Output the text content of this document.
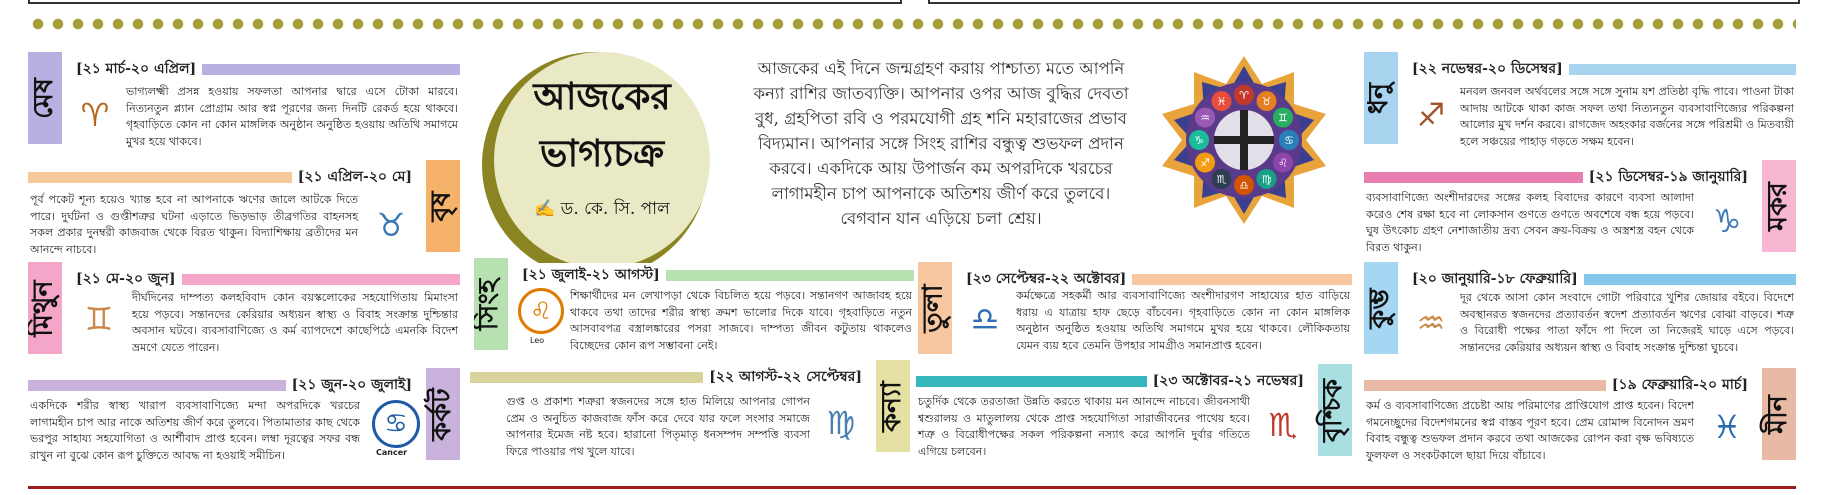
মেষ
[২১ মার্চ-২০ এপ্রিল]
♈
ভাগ্যলক্ষ্মী প্রসন্ন হওয়ায় সফলতা আপনার দ্বারে এসে টোকা মারবে। নিত্যনতুন প্ল্যান প্রোগ্রাম আর স্বপ্ন পূরণের জন্য দিনটি রেকর্ড হয়ে থাকবে। গৃহবাড়িতে কোন না কোন মাঙ্গলিক অনুষ্ঠান অনুষ্ঠিত হওয়ায় অতিথি সমাগমে মুখর হয়ে থাকবে।
বৃষ
[২১ এপ্রিল-২০ মে]
♉
পূর্ব পকেট শূন্য হয়েও খ্যান্ত হবে না আপনাকে ঋণের জালে আটকে দিতে পারে। দুর্ঘটনা ও গুপ্তীশত্রুর ঘটনা এড়াতে ভিড়ভাড় তীব্রগতির বাহনসহ সকল প্রকার দুনম্বরী কাজবাজ থেকে বিরত থাকুন। বিদ্যাশিক্ষায় ব্রতীদের মন আনন্দে নাচবে।
মিথুন
[২১ মে-২০ জুন]
♊
দীর্ঘদিনের দাম্পত্য কলহবিবাদ কোন বয়স্কলোকের সহযোগিতায় মিমাংসা হয়ে পড়বে। সন্তানদের কেরিয়ার অধ্যয়ন স্বাস্থ্য ও বিবাহ সংক্রান্ত দুশ্চিন্তার অবসান ঘটবে। ব্যবসাবাণিজ্যে ও কর্ম ব্যাপদেশে কাছেপিঠে এমনকি বিদেশ ভ্রমণে যেতে পারেন।
কর্কট
[২১ জুন-২০ জুলাই]
♋
Cancer
একদিকে শরীর স্বাস্থ্য খারাপ ব্যবসাবাণিজ্যে মন্দা অপরদিকে খরচের লাগামহীন চাপ আর নাকে অতিশয় জীর্ণ করে তুলবে। পিতামাতার কাছ থেকে ভরপুর সাহায্য সহযোগিতা ও আর্শীবাদ প্রাপ্ত হবেন। লম্বা দূরত্বের সফর বন্ধ রাখুন না বুঝে কোন রূপ চুক্তিতে আবদ্ধ না হওয়াই সমীচিন।
আজকের
ভাগ্যচক্র
✍ ড. কে. সি. পাল
আজকের এই দিনে জন্মগ্রহণ করায় পাশ্চাত্য মতে আপনি কন্যা রাশির জাতব্যক্তি। আপনার ওপর আজ বুদ্ধির দেবতা বুধ, গ্রহপিতা রবি ও পরমযোগী গ্রহ শনি মহারাজের প্রভাব বিদ্যমান। আপনার সঙ্গে সিংহ রাশির বন্ধুত্ব শুভফল প্রদান করবে। একদিকে আয় উপার্জন কম অপরদিকে খরচের লাগামহীন চাপ আপনাকে অতিশয় জীর্ণ করে তুলবে। বেগবান যান এড়িয়ে চলা শ্রেয়।
♈ ♉
♊
♋
♌
♍
♎
♏
♐
♑
♒
♓
সিংহ
[২১ জুলাই-২১ আগস্ট]
♌
Leo
শিক্ষার্থীদের মন লেখাপড়া থেকে বিচলিত হয়ে পড়বে। সন্তানগণ আজাবহ হয়ে থাকবে তথা তাদের শরীর স্বাস্থ্য ক্রমশ ভালোর দিকে যাবে। গৃহবাড়িতে নতুন আসবাবপত্র বস্ত্রালঙ্কারের পসরা সাজবে। দাম্পত্য জীবন কটুতায় থাকলেও বিচ্ছেদের কোন রূপ সম্ভাবনা নেই।
তুলা
[২৩ সেপ্টেম্বর-২২ অক্টোবর]
♎
কর্মক্ষেত্রে সহকর্মী আর ব্যবসাবাণিজ্যে অংশীদারগণ সাহায্যের হাত বাড়িয়ে ধরায় এ যাত্রায় হাফ ছেড়ে বাঁচবেন। গৃহবাড়িতে কোন না কোন মাঙ্গলিক অনুষ্ঠান অনুষ্ঠিত হওয়ায় অতিথি সমাগমে মুখর হয়ে থাকবে। লৌকিকতায় যেমন ব্যয় হবে তেমনি উপহার সামগ্রীও সমানপ্রাপ্ত হবেন।
কন্যা
[২২ আগস্ট-২২ সেপ্টেম্বর]
♍
গুপ্ত ও প্রকাশ্য শত্রুরা স্বজনদের সঙ্গে হাত মিলিয়ে আপনার গোপন প্রেম ও অনুচিত কাজবাজ ফাঁস করে দেবে যার ফলে সংসার সমাজে আপনার ইমেজ নষ্ট হবে। হারানো পিতৃমাতৃ ধনসম্পদ সম্পত্তি ব্যবসা ফিরে পাওয়ার পথ খুলে যাবে।
বৃশ্চিক
[২৩ অক্টোবর-২১ নভেম্বর]
♏
চতুর্দিক থেকে তরতাজা উন্নতি করতে থাকায় মন আনন্দে নাচবে। জীবনসাথী শ্বশুরালয় ও মাতুলালয় থেকে প্রাপ্ত সহযোগিতা সারাজীবনের পাথেয় হবে। শত্রু ও বিরোধীপক্ষের সকল পরিকল্পনা নস্যাৎ করে আপনি দুর্বার গতিতে এগিয়ে চলবেন।
ধনু
[২২ নভেম্বর-২০ ডিসেম্বর]
♐
মনবল জনবল অর্থবলের সঙ্গে সঙ্গে সুনাম যশ প্রতিষ্ঠা বৃদ্ধি পাবে। পাওনা টাকা আদায় আটকে থাকা কাজ সফল তথা নিত্যনতুন ব্যবসাবাণিজ্যের পরিকল্পনা আলোর মুখ দর্শন করবে। রাগজেদ অহংকার বর্জনের সঙ্গে পরিশ্রমী ও মিতব্যয়ী হলে সঞ্চয়ের পাহাড় গড়তে সক্ষম হবেন।
মকর
[২১ ডিসেম্বর-১৯ জানুয়ারি]
♑
ব্যবসাবাণিজ্যে অংশীদারদের সঙ্গের কলহ বিবাদের কারণে ব্যবসা আলাদা করেও শেষ রক্ষা হবে না লোকসান গুণতে গুণতে অবশেষে বন্ধ হয়ে পড়বে। ঘুষ উৎকোচ গ্রহণ নেশাজাতীয় দ্রব্য সেবন ক্রয়-বিক্রয় ও অস্ত্রশস্ত্র বহন থেকে বিরত থাকুন।
কুম্ভ
[২০ জানুয়ারি-১৮ ফেব্রুয়ারি]
♒
দূর থেকে আসা কোন সংবাদে গোটা পরিবারে খুশির জোয়ার বইবে। বিদেশে অবস্থানরত স্বজনদের প্রত্যাবর্তন স্বদেশ প্রত্যাবর্তন ঋণের বোঝা বাড়বে। শত্রু ও বিরোধী পক্ষের পাতা ফাঁদে পা দিলে তা নিজেরই ঘাড়ে এসে পড়বে। সন্তানদের কেরিয়ার অধ্যয়ন স্বাস্থ্য ও বিবাহ সংক্রান্ত দুশ্চিন্তা ঘুচবে।
মীন
[১৯ ফেব্রুয়ারি-২০ মার্চ]
♓
কর্ম ও ব্যবসাবাণিজ্যে প্রচেষ্টা আয় পরিমাণের প্রাপ্তিযোগ প্রাপ্ত হবেন। বিদেশ গমনেচ্ছুদের বিদেশগমনের স্বপ্ন বাস্তব পূরণ হবে। প্রেম রোমান্স বিনোদন ভ্রমণ বিবাহ বন্ধুত্ব শুভফল প্রদান করবে তথা আজকের রোপন করা বৃক্ষ ভবিষ্যতে ফুলফল ও সংকটকালে ছায়া দিয়ে বাঁচাবে।
